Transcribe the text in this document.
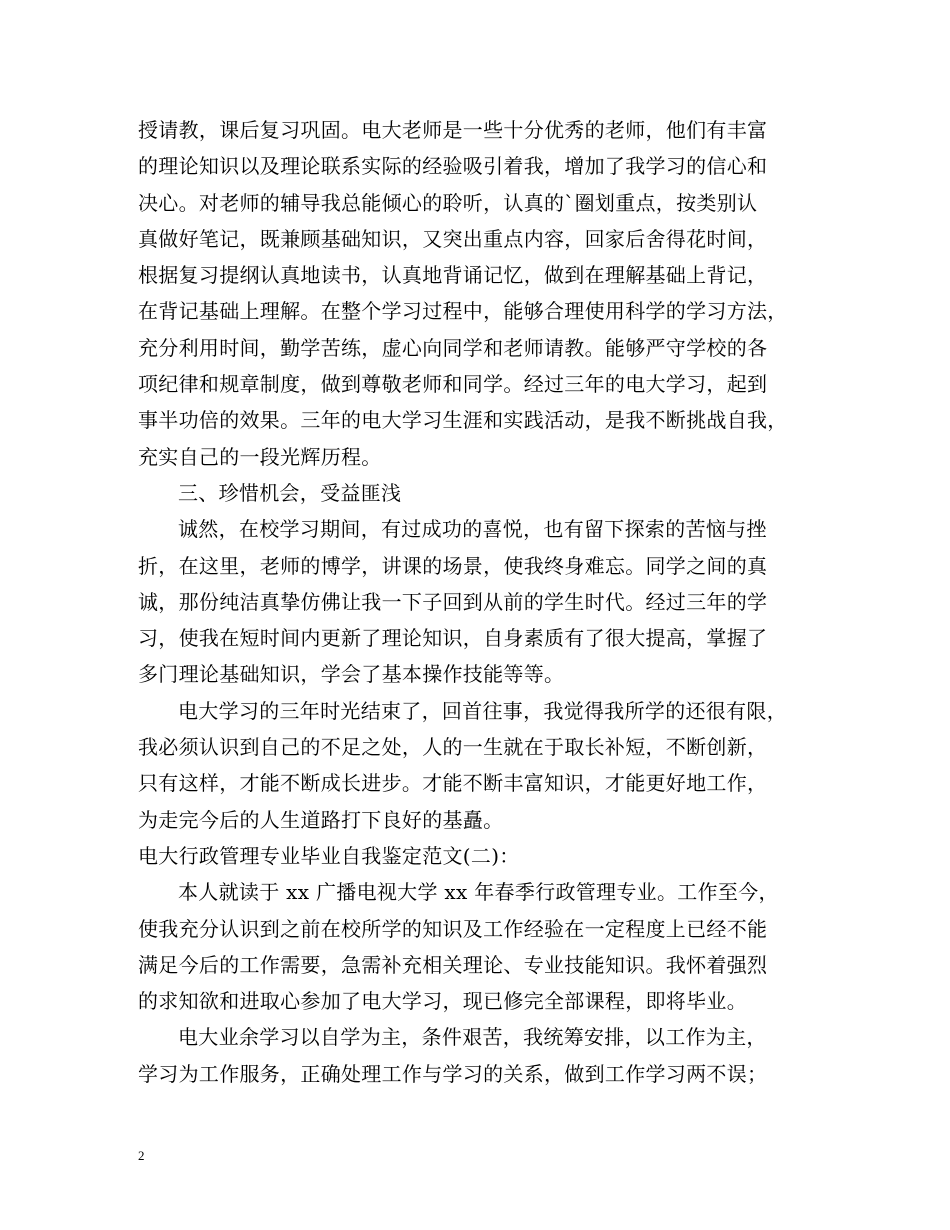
授请教，课后复习巩固。电大老师是一些十分优秀的老师，他们有丰富
的理论知识以及理论联系实际的经验吸引着我，增加了我学习的信心和
决心。对老师的辅导我总能倾心的聆听，认真的`圈划重点，按类别认
真做好笔记，既兼顾基础知识，又突出重点内容，回家后舍得花时间，
根据复习提纲认真地读书，认真地背诵记忆，做到在理解基础上背记，
在背记基础上理解。在整个学习过程中，能够合理使用科学的学习方法，
充分利用时间，勤学苦练，虚心向同学和老师请教。能够严守学校的各
项纪律和规章制度，做到尊敬老师和同学。经过三年的电大学习，起到
事半功倍的效果。三年的电大学习生涯和实践活动，是我不断挑战自我，
充实自己的一段光辉历程。
三、珍惜机会，受益匪浅
诚然，在校学习期间，有过成功的喜悦，也有留下探索的苦恼与挫
折，在这里，老师的博学，讲课的场景，使我终身难忘。同学之间的真
诚，那份纯洁真挚仿佛让我一下子回到从前的学生时代。经过三年的学
习，使我在短时间内更新了理论知识，自身素质有了很大提高，掌握了
多门理论基础知识，学会了基本操作技能等等。
电大学习的三年时光结束了，回首往事，我觉得我所学的还很有限，
我必须认识到自己的不足之处，人的一生就在于取长补短，不断创新，
只有这样，才能不断成长进步。才能不断丰富知识，才能更好地工作，
为走完今后的人生道路打下良好的基矗。
电大行政管理专业毕业自我鉴定范文(二)：
本人就读于 xx 广播电视大学 xx 年春季行政管理专业。工作至今，
使我充分认识到之前在校所学的知识及工作经验在一定程度上已经不能
满足今后的工作需要，急需补充相关理论、专业技能知识。我怀着强烈
的求知欲和进取心参加了电大学习，现已修完全部课程，即将毕业。
电大业余学习以自学为主，条件艰苦，我统筹安排，以工作为主，
学习为工作服务，正确处理工作与学习的关系，做到工作学习两不误；
2
